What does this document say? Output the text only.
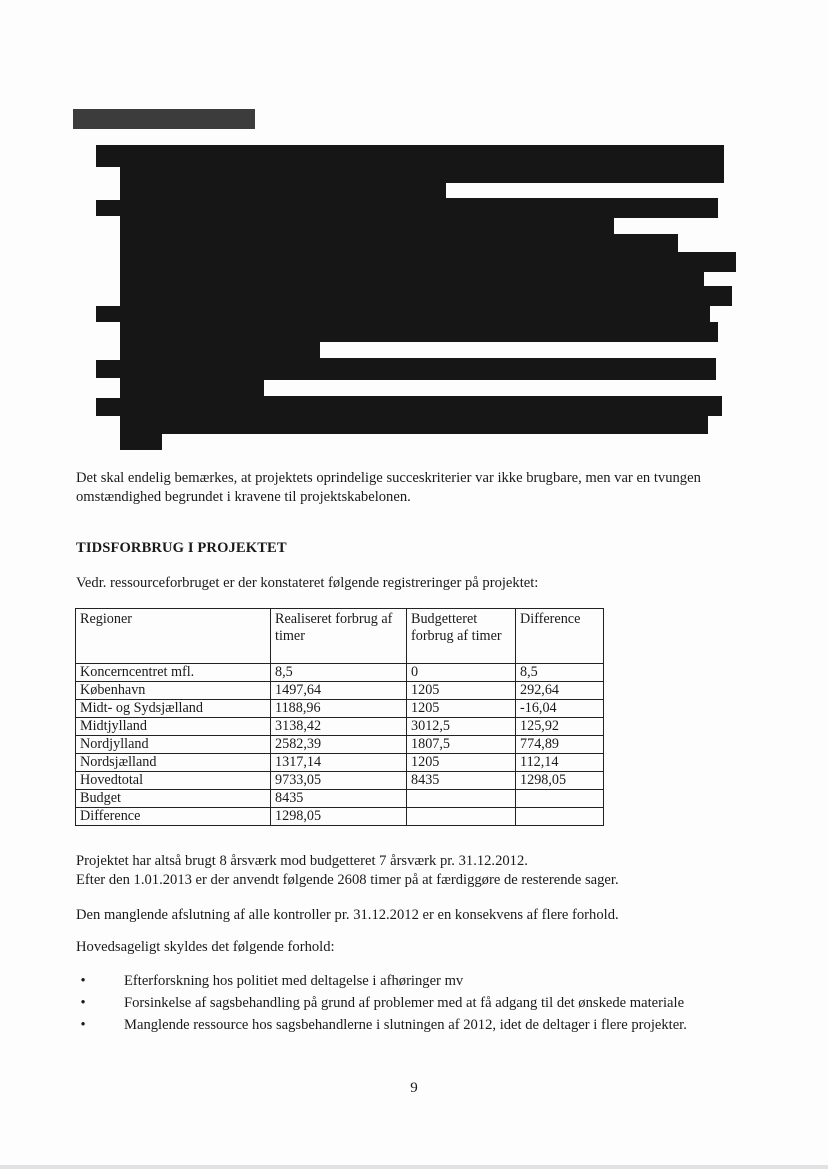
Det skal endelig bemærkes, at projektets oprindelige succeskriterier var ikke brugbare, men var en tvungen omstændighed begrundet i kravene til projektskabelonen.

TIDSFORBRUG I PROJEKTET

Vedr. ressourceforbruget er der konstateret følgende registreringer på projektet:

Regioner	Realiseret forbrug af timer	Budgetteret forbrug af timer	Difference
Koncerncentret mfl.	8,5	0	8,5
København	1497,64	1205	292,64
Midt- og Sydsjælland	1188,96	1205	-16,04
Midtjylland	3138,42	3012,5	125,92
Nordjylland	2582,39	1807,5	774,89
Nordsjælland	1317,14	1205	112,14
Hovedtotal	9733,05	8435	1298,05
Budget	8435		
Difference	1298,05		

Projektet har altså brugt 8 årsværk mod budgetteret 7 årsværk pr. 31.12.2012.

Efter den 1.01.2013 er der anvendt følgende 2608 timer på at færdiggøre de resterende sager.

Den manglende afslutning af alle kontroller pr. 31.12.2012 er en konsekvens af flere forhold.

Hovedsageligt skyldes det følgende forhold:

•	Efterforskning hos politiet med deltagelse i afhøringer mv
•	Forsinkelse af sagsbehandling på grund af problemer med at få adgang til det ønskede materiale
•	Manglende ressource hos sagsbehandlerne i slutningen af 2012, idet de deltager i flere projekter.
9
